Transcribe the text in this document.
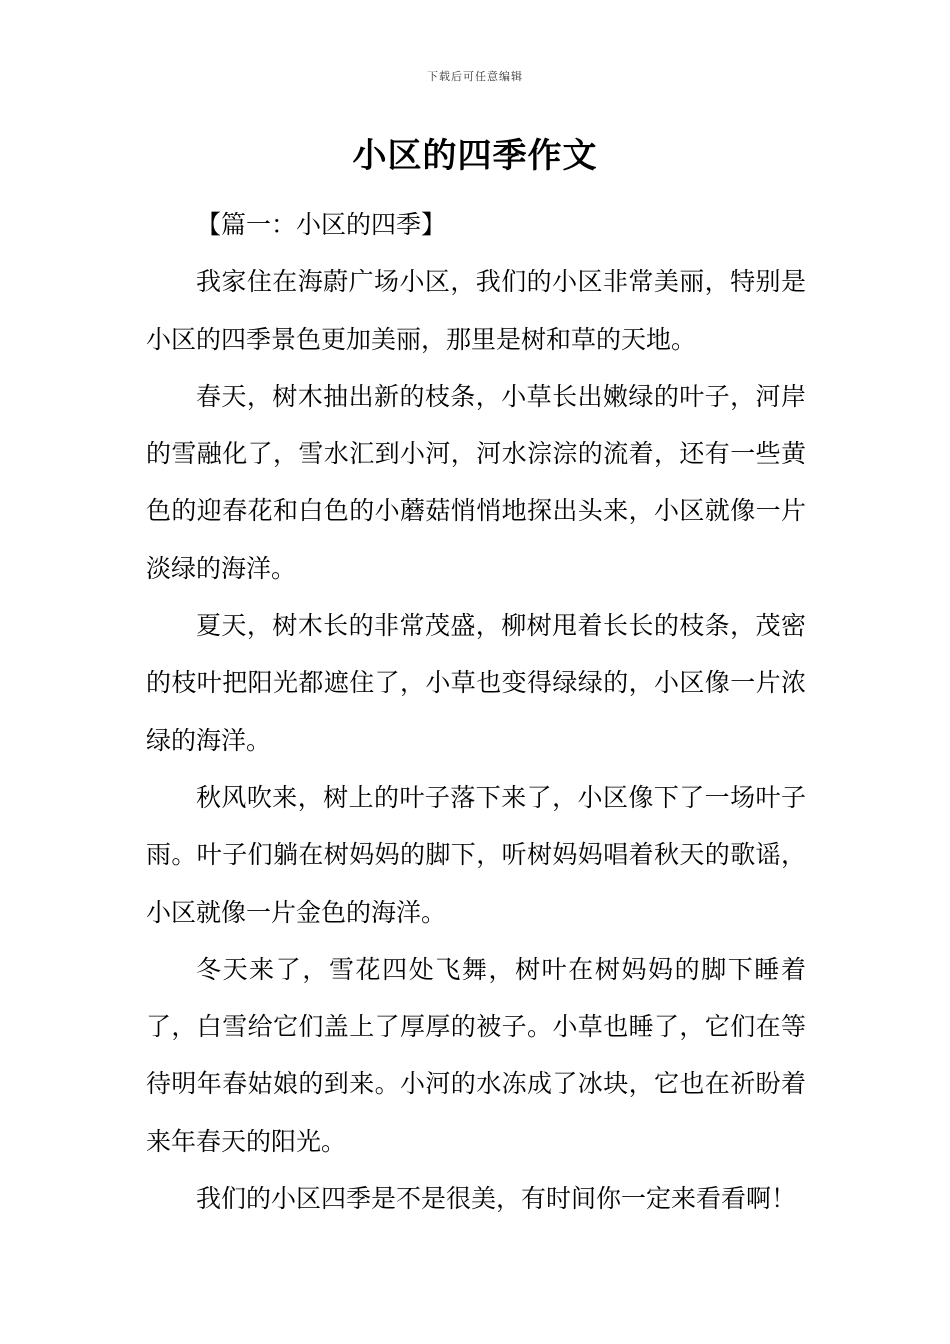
下载后可任意编辑
小区的四季作文

【篇一：小区的四季】

我家住在海蔚广场小区，我们的小区非常美丽，特别是小区的四季景色更加美丽，那里是树和草的天地。

春天，树木抽出新的枝条，小草长出嫩绿的叶子，河岸的雪融化了，雪水汇到小河，河水淙淙的流着，还有一些黄色的迎春花和白色的小蘑菇悄悄地探出头来，小区就像一片淡绿的海洋。

夏天，树木长的非常茂盛，柳树甩着长长的枝条，茂密的枝叶把阳光都遮住了，小草也变得绿绿的，小区像一片浓绿的海洋。

秋风吹来，树上的叶子落下来了，小区像下了一场叶子雨。叶子们躺在树妈妈的脚下，听树妈妈唱着秋天的歌谣，小区就像一片金色的海洋。

冬天来了，雪花四处飞舞，树叶在树妈妈的脚下睡着了，白雪给它们盖上了厚厚的被子。小草也睡了，它们在等待明年春姑娘的到来。小河的水冻成了冰块，它也在祈盼着来年春天的阳光。

我们的小区四季是不是很美，有时间你一定来看看啊！
